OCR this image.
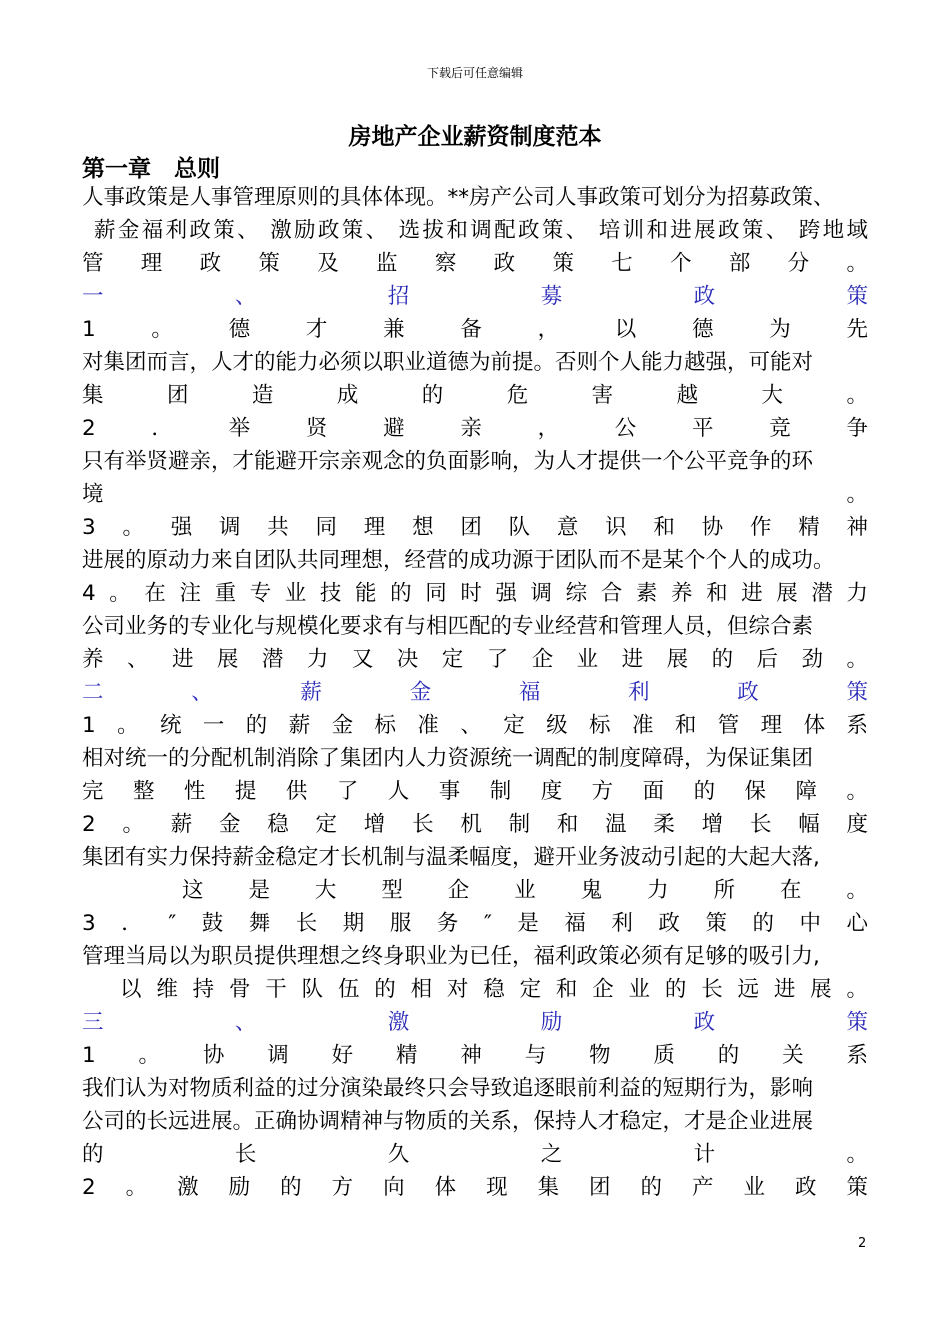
下载后可任意编辑
房地产企业薪资制度范本
第一章　总则
人事政策是人事管理原则的具体体现。**房产公司人事政策可划分为招募政策、
薪​金​福​利​政​策​、​ ​激​励​政​策​、​ ​选​拔​和​调​配​政​策​、​ ​培​训​和​进​展​政​策​、​ ​跨​地​域
管​理​政​策​及​监​察​政​策​七​个​部​分​。
一​、​招​募​政​策
1​。​德​才​兼​备​，​以​德​为​先
对集团而言，人才的能力必须以职业道德为前提。否则个人能力越强，可能对
集​团​造​成​的​危​害​越​大​。
2​．​举​贤​避​亲​，​公​平​竞​争
只有举贤避亲，才能避开宗亲观念的负面影响，为人才提供一个公平竞争的环
境​。
3​。​强​调​共​同​理​想​团​队​意​识​和​协​作​精​神
进展的原动力来自团队共同理想，经营的成功源于团队而不是某个个人的成功。
4​。​在​注​重​专​业​技​能​的​同​时​强​调​综​合​素​养​和​进​展​潜​力
公司业务的专业化与规模化要求有与相匹配的专业经营和管理人员，但综合素
养​、​进​展​潜​力​又​决​定​了​企​业​进​展​的​后​劲​。
二​、​薪​金​福​利​政​策
1​。​统​一​的​薪​金​标​准​、​定​级​标​准​和​管​理​体​系
相对统一的分配机制消除了集团内人力资源统一调配的制度障碍，为保证集团
完​整​性​提​供​了​人​事​制​度​方​面​的​保​障​。
2​。​薪​金​稳​定​增​长​机​制​和​温​柔​增​长​幅​度
集团有实力保持薪金稳定才长机制与温柔幅度，避开业务波动引起的大起大落,
这​是​大​型​企​业​鬼​力​所​在​。
3​．​″​鼓​舞​长​期​服​务​″​是​福​利​政​策​的​中​心
管理当局以为职员提供理想之终身职业为已任，福利政策必须有足够的吸引力,
以​维​持​骨​干​队​伍​的​相​对​稳​定​和​企​业​的​长​远​进​展​。
三​、​激​励​政​策
1​。​协​调​好​精​神​与​物​质​的​关​系
我们认为对物质利益的过分演染最终只会导致追逐眼前利益的短期行为，影响
公司的长远进展。正确协调精神与物质的关系，保持人才稳定，才是企业进展
的​长​久​之​计​。
2​。​激​励​的​方​向​体​现​集​团​的​产​业​政​策
2
